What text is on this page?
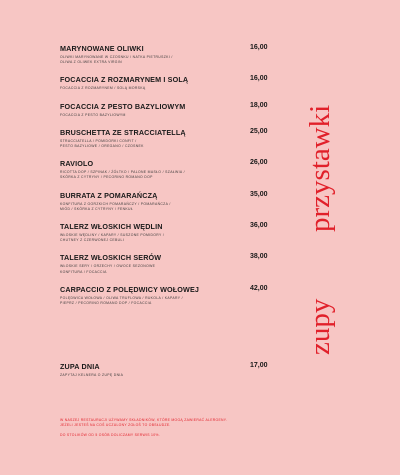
MARYNOWANE OLIWKI	16,00
OLIWKI MARYNOWANE W CZOSNKU / NATKA PIETRUSZKI /
OLIWA Z OLIWEK EXTRA VIRGIN
FOCACCIA Z ROZMARYNEM I SOLĄ	16,00
FOCACCIA Z ROZMARYNEM / SOLĄ MORSKĄ
FOCACCIA Z PESTO BAZYLIOWYM	18,00
FOCACCIA Z PESTO BAZYLIOWYM
BRUSCHETTA ZE STRACCIATELLĄ	25,00
STRACCIATELLA / POMIDORKI CONFIT /
PESTO BAZYLIOWE / OREGANO / CZOSNEK
RAVIOLO	26,00
RICOTTA DOP / SZPINAK / ŻÓŁTKO / PALONE MASŁO / SZAŁWIA /
SKÓRKA Z CYTRYNY / PECORINO ROMANO DOP
BURRATA Z POMARAŃCZĄ	35,00
KONFITURA Z GORZKICH POMARAŃCZY / POMARAŃCZA /
MIÓD / SKÓRKA Z CYTRYNY / FENKUŁ
TALERZ WŁOSKICH WĘDLIN	36,00
WŁOSKIE WĘDLINY / KAPARY / SUSZONE POMIDORY /
CHUTNEY Z CZERWONEJ CEBULI
TALERZ WŁOSKICH SERÓW	38,00
WŁOSKIE SERY / ORZECHY / OWOCE SEZONOWE
KONFITURA / FOCACCIA
CARPACCIO Z POLĘDWICY WOŁOWEJ	42,00
POLĘDWICA WOŁOWA / OLIWA TRUFLOWA / RUKOLA / KAPARY /
PIEPRZ / PECORINO ROMANO DOP / FOCACCIA
ZUPA DNIA	17,00
ZAPYTAJ KELNERA O ZUPĘ DNIA
przystawki
zupy

W NASZEJ RESTAURACJI UŻYWAMY SKŁADNIKÓW, KTÓRE MOGĄ ZAWIERAĆ ALERGENY.
JEŻELI JESTEŚ NA COŚ UCZULONY ZGŁOŚ TO OBSŁUDZE.

DO STOLIKÓW OD 5 OSÓB DOLICZAMY SERWIS 10%.
